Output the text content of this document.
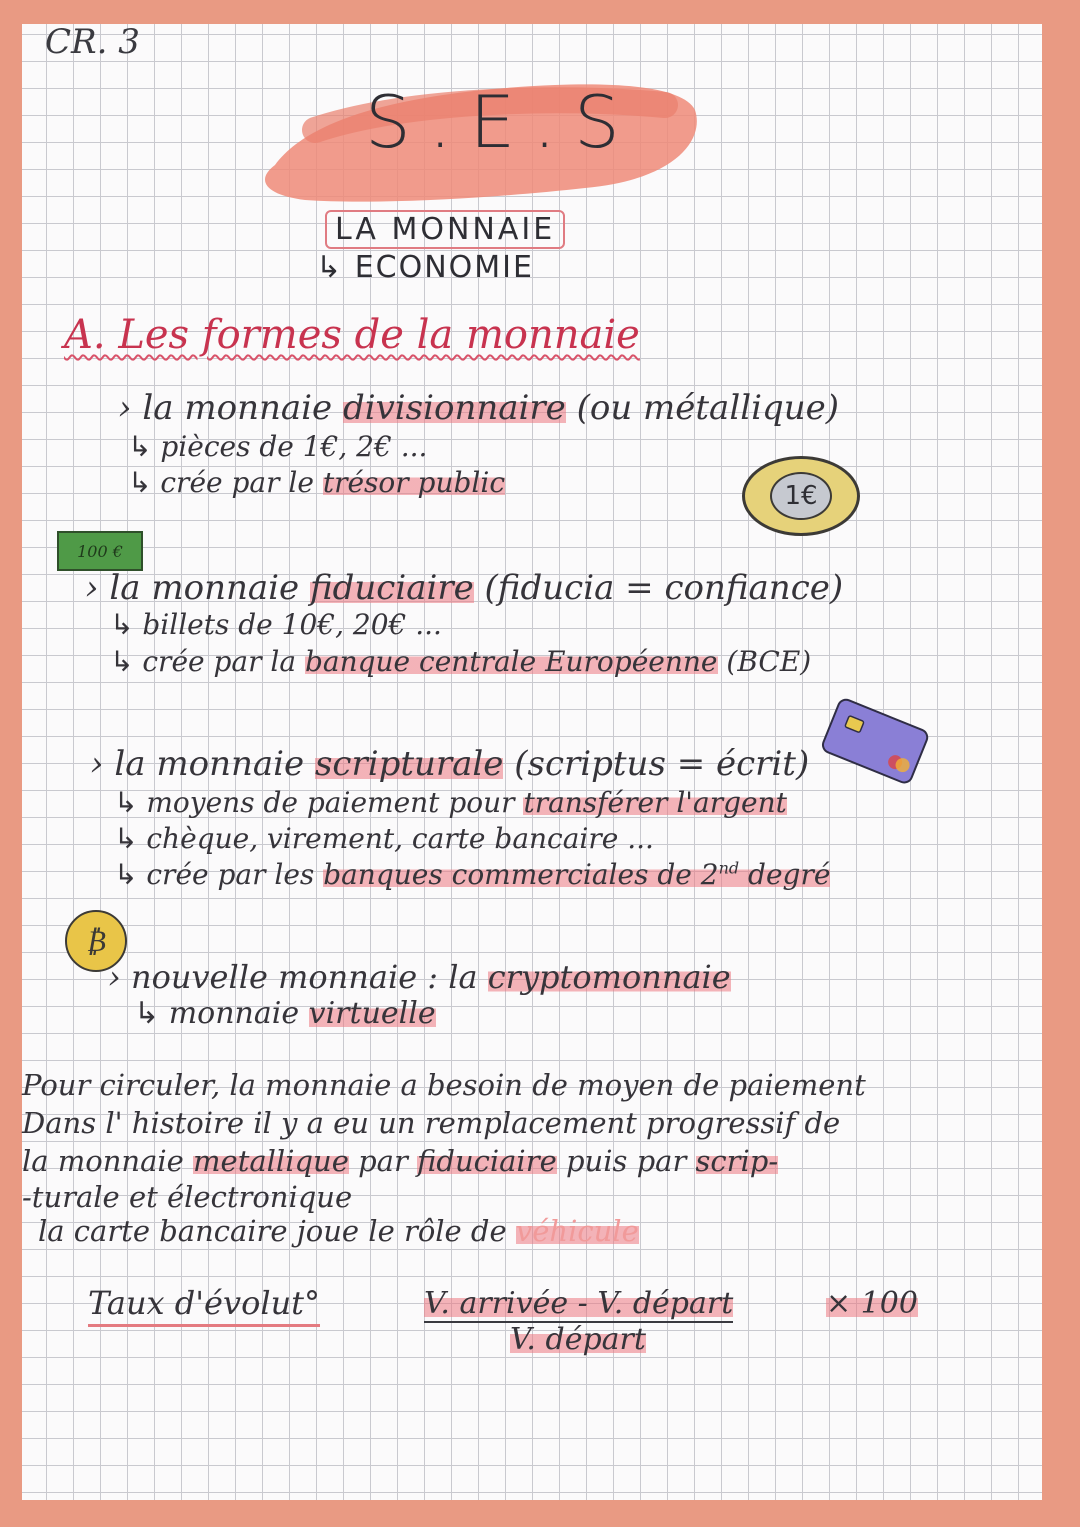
CR. 3
S.E.S
LA MONNAIE
↳ ECONOMIE
A. Les formes de la monnaie
› la monnaie divisionnaire (ou métallique)
↳ pièces de 1€, 2€ ...
↳ crée par le trésor public	1€
100 €
› la monnaie fiduciaire (fiducia = confiance)
↳ billets de 10€, 20€ ...
↳ crée par la banque centrale Européenne (BCE)
› la monnaie scripturale (scriptus = écrit)
↳ moyens de paiement pour transférer l'argent
↳ chèque, virement, carte bancaire ...
↳ crée par les banques commerciales de 2nd degré
₿
› nouvelle monnaie : la cryptomonnaie
↳ monnaie virtuelle
Pour circuler, la monnaie a besoin de moyen de paiement
Dans l' histoire il y a eu un remplacement progressif de
la monnaie metallique par fiduciaire puis par scrip-
-turale et électronique
la carte bancaire joue le rôle de véhicule
Taux d'évolut°	V. arrivée - V. départ	× 100
V. départ
